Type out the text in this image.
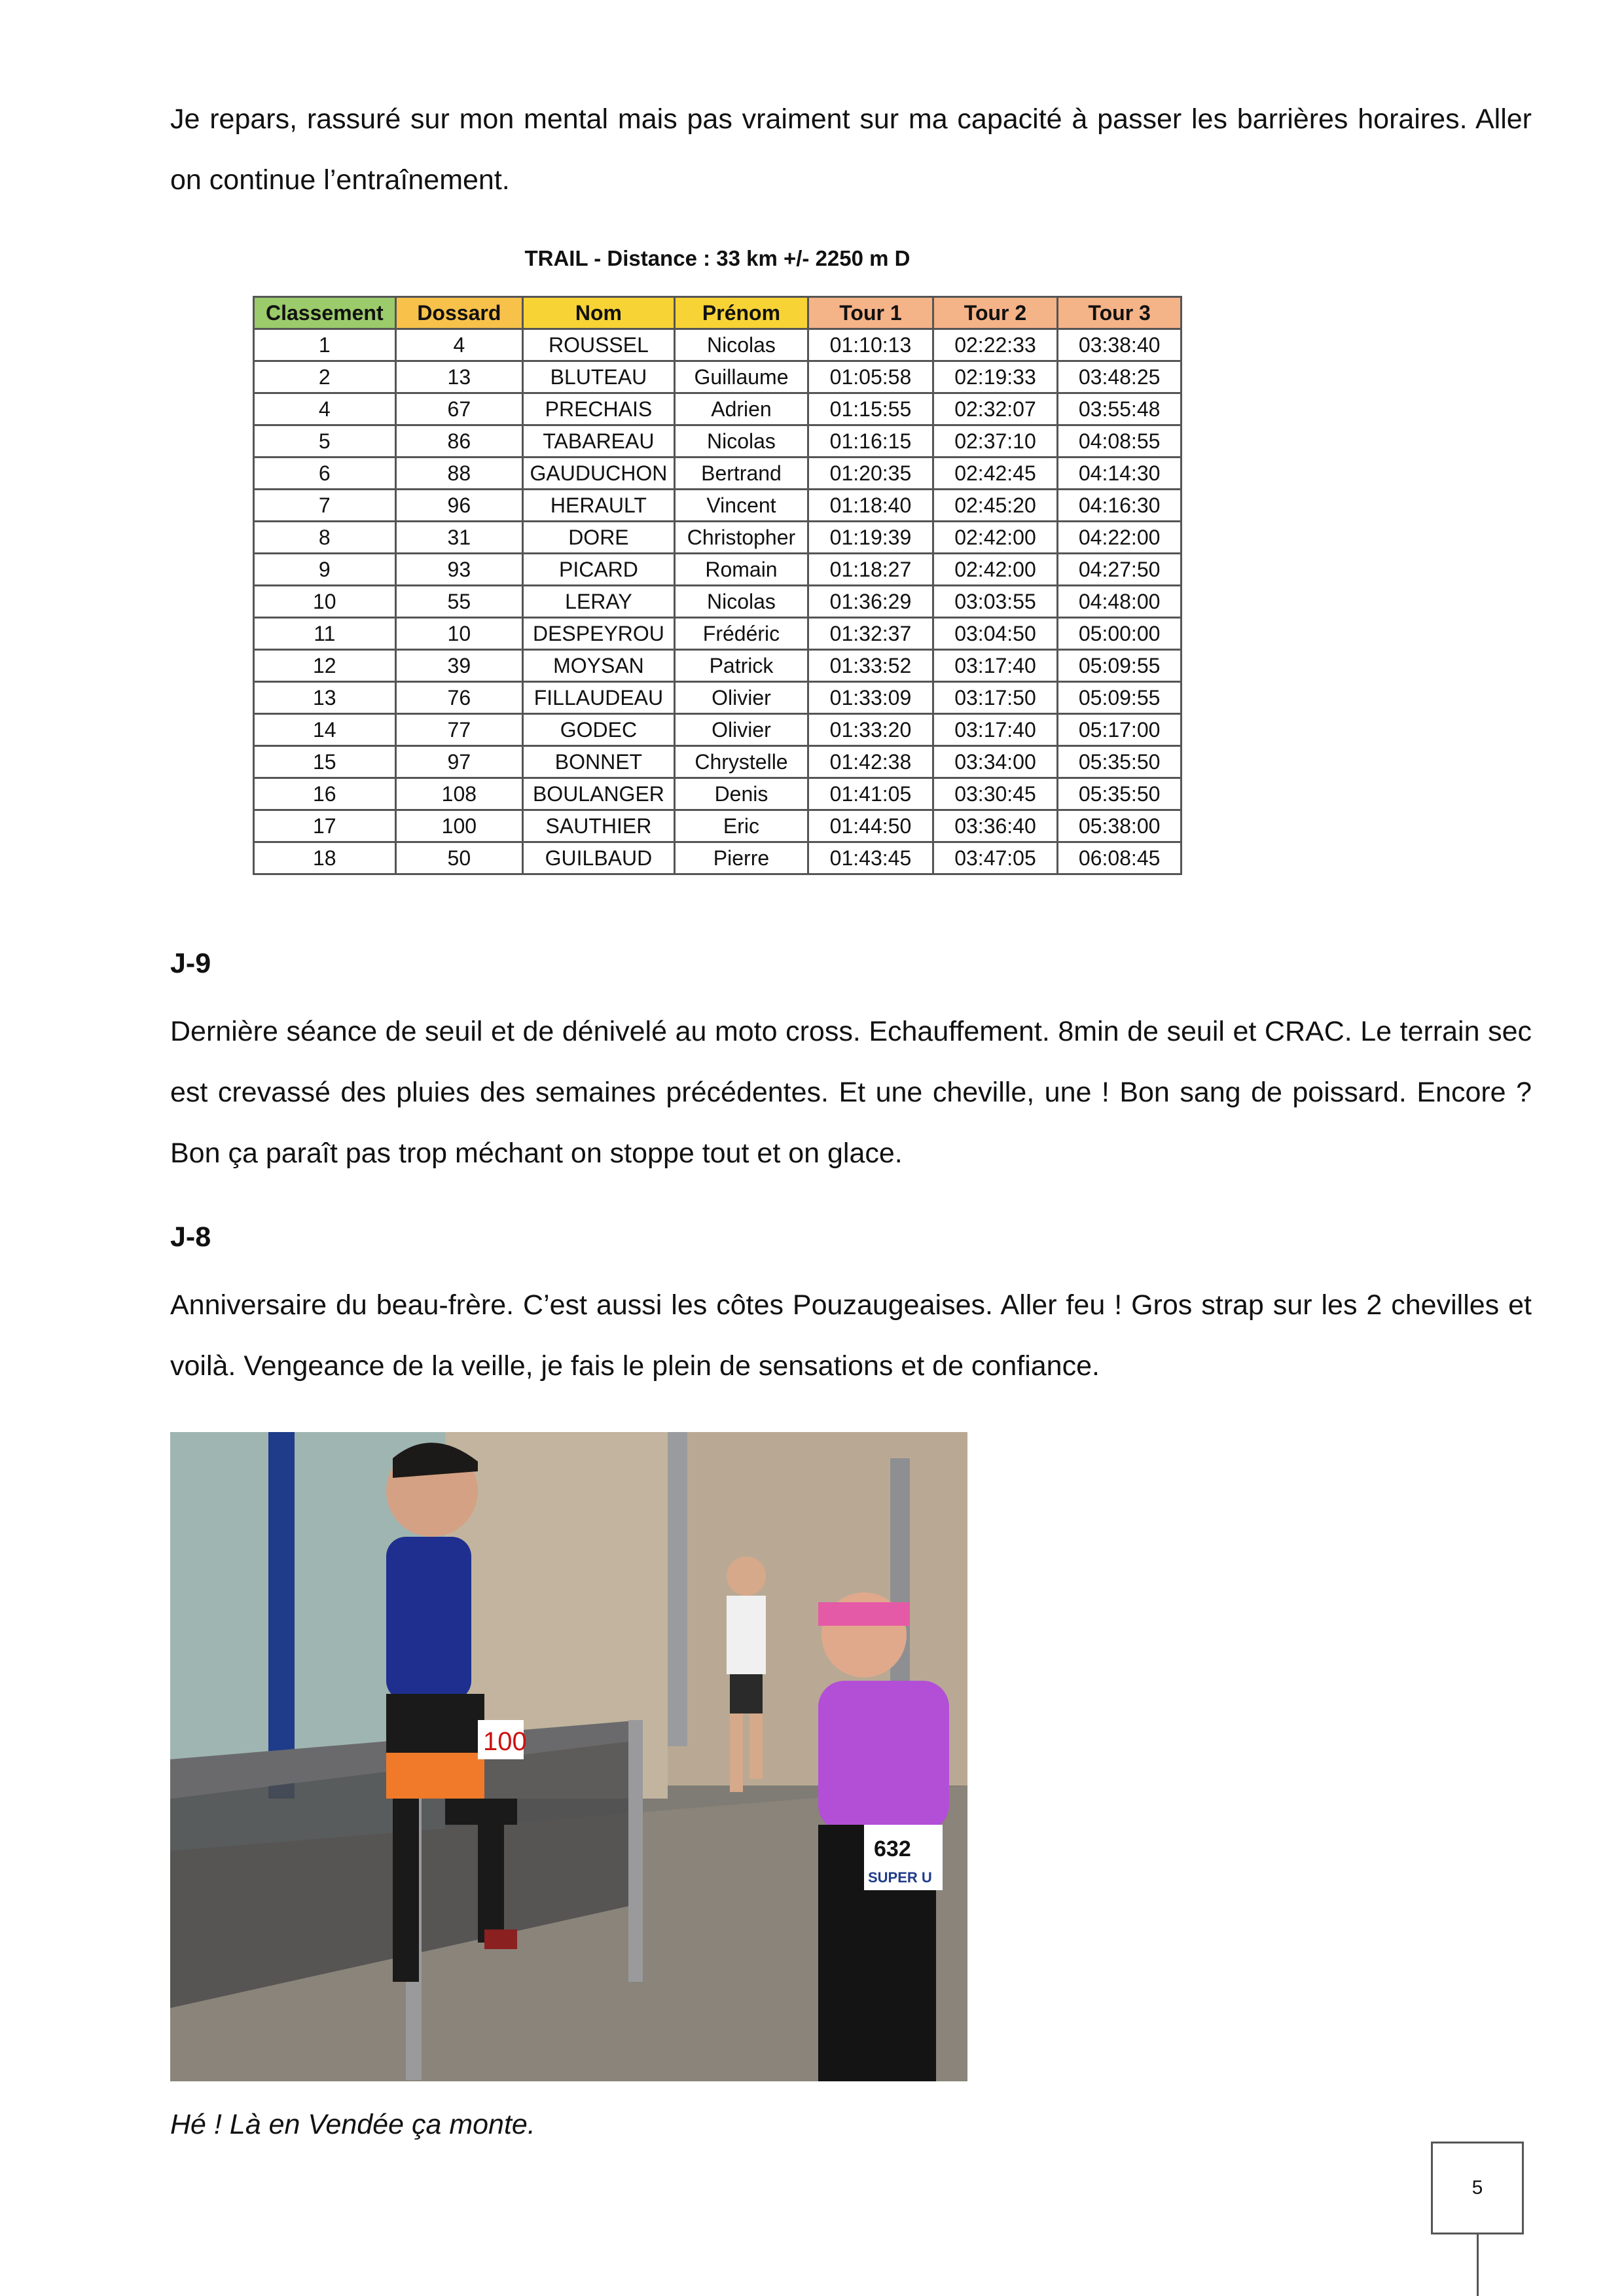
Je repars, rassuré sur mon mental mais pas vraiment sur ma capacité à passer les barrières horaires. Aller on continue l’entraînement.

TRAIL - Distance : 33 km +/- 2250 m D
Classement	Dossard	Nom	Prénom	Tour 1	Tour 2	Tour 3
1	4	ROUSSEL	Nicolas	01:10:13	02:22:33	03:38:40
2	13	BLUTEAU	Guillaume	01:05:58	02:19:33	03:48:25
4	67	PRECHAIS	Adrien	01:15:55	02:32:07	03:55:48
5	86	TABAREAU	Nicolas	01:16:15	02:37:10	04:08:55
6	88	GAUDUCHON	Bertrand	01:20:35	02:42:45	04:14:30
7	96	HERAULT	Vincent	01:18:40	02:45:20	04:16:30
8	31	DORE	Christopher	01:19:39	02:42:00	04:22:00
9	93	PICARD	Romain	01:18:27	02:42:00	04:27:50
10	55	LERAY	Nicolas	01:36:29	03:03:55	04:48:00
11	10	DESPEYROU	Frédéric	01:32:37	03:04:50	05:00:00
12	39	MOYSAN	Patrick	01:33:52	03:17:40	05:09:55
13	76	FILLAUDEAU	Olivier	01:33:09	03:17:50	05:09:55
14	77	GODEC	Olivier	01:33:20	03:17:40	05:17:00
15	97	BONNET	Chrystelle	01:42:38	03:34:00	05:35:50
16	108	BOULANGER	Denis	01:41:05	03:30:45	05:35:50
17	100	SAUTHIER	Eric	01:44:50	03:36:40	05:38:00
18	50	GUILBAUD	Pierre	01:43:45	03:47:05	06:08:45
J-9

Dernière séance de seuil et de dénivelé au moto cross. Echauffement. 8min de seuil et CRAC. Le terrain sec est crevassé des pluies des semaines précédentes. Et une cheville, une ! Bon sang de poissard. Encore ? Bon ça paraît pas trop méchant on stoppe tout et on glace.

J-8

Anniversaire du beau-frère. C’est aussi les côtes Pouzaugeaises. Aller feu ! Gros strap sur les 2 chevilles et voilà. Vengeance de la veille, je fais le plein de sensations et de confiance.

100
632
SUPER U
Hé ! Là en Vendée ça monte.
5
